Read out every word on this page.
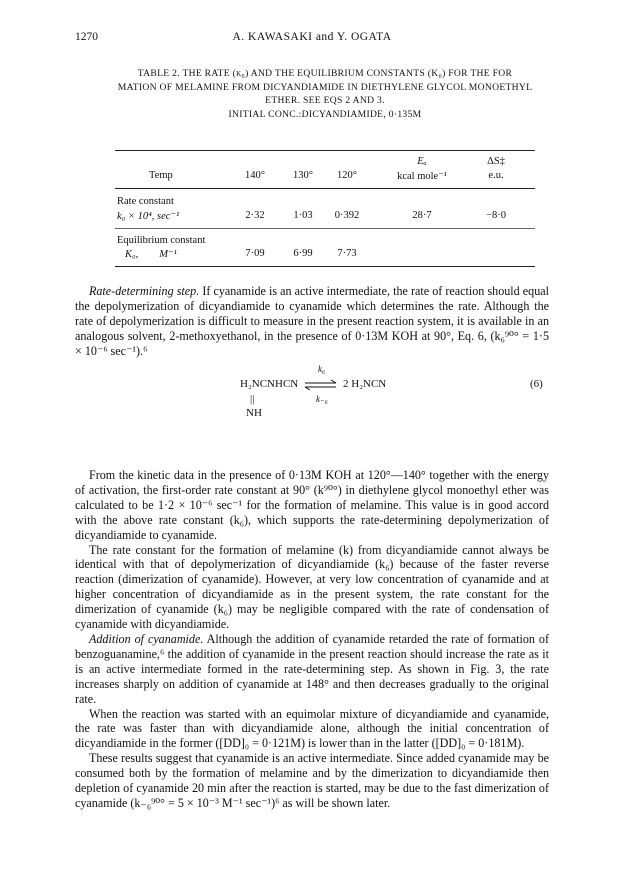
1270	A. KAWASAKI and Y. OGATA
TABLE 2. THE RATE (k₀) AND THE EQUILIBRIUM CONSTANTS (K₀) FOR THE FOR
MATION OF MELAMINE FROM DICYANDIAMIDE IN DIETHYLENE GLYCOL MONOETHYL
ETHER. SEE EQS 2 AND 3.
INITIAL CONC.:DICYANDIAMIDE, 0·135M
Eₐ	ΔS‡
Temp	140°	130°	120°	kcal mole⁻¹	e.u.
Rate constant
k₀ × 10⁴, sec⁻¹	2·32	1·03	0·392	28·7	−8·0
Equilibrium constant
K₀,        M⁻¹	7·09	6·99	7·73

Rate-determining step. If cyanamide is an active intermediate, the rate of reaction should equal the depolymerization of dicyandiamide to cyanamide which determines the rate. Although the rate of depolymerization is difficult to measure in the present reaction system, it is available in an analogous solvent, 2-methoxyethanol, in the presence of 0·13M KOH at 90°, Eq. 6, (k₆⁹⁰° = 1·5 × 10⁻⁶ sec⁻¹).⁶

H₂NCNHCN
k₆
⇌ 2 H₂NCN
k₋₆
||
NH
(6)

From the kinetic data in the presence of 0·13M KOH at 120°—140° together with the energy of activation, the first-order rate constant at 90° (k⁹⁰°) in diethylene glycol monoethyl ether was calculated to be 1·2 × 10⁻⁶ sec⁻¹ for the formation of melamine. This value is in good accord with the above rate constant (k₆), which supports the rate-determining depolymerization of dicyandiamide to cyanamide.

The rate constant for the formation of melamine (k) from dicyandiamide cannot always be identical with that of depolymerization of dicyandiamide (k₆) because of the faster reverse reaction (dimerization of cyanamide). However, at very low concentration of cyanamide and at higher concentration of dicyandiamide as in the present system, the rate constant for the dimerization of cyanamide (k₆) may be negligible compared with the rate of condensation of cyanamide with dicyandiamide.

Addition of cyanamide. Although the addition of cyanamide retarded the rate of formation of benzoguanamine,⁶ the addition of cyanamide in the present reaction should increase the rate as it is an active intermediate formed in the rate-determining step. As shown in Fig. 3, the rate increases sharply on addition of cyanamide at 148° and then decreases gradually to the original rate.

When the reaction was started with an equimolar mixture of dicyandiamide and cyanamide, the rate was faster than with dicyandiamide alone, although the initial concentration of dicyandiamide in the former ([DD]₀ = 0·121M) is lower than in the latter ([DD]₀ = 0·181M).

These results suggest that cyanamide is an active intermediate. Since added cyanamide may be consumed both by the formation of melamine and by the dimerization to dicyandiamide then depletion of cyanamide 20 min after the reaction is started, may be due to the fast dimerization of cyanamide (k₋₆⁹⁰° = 5 × 10⁻³ M⁻¹ sec⁻¹)⁶ as will be shown later.
